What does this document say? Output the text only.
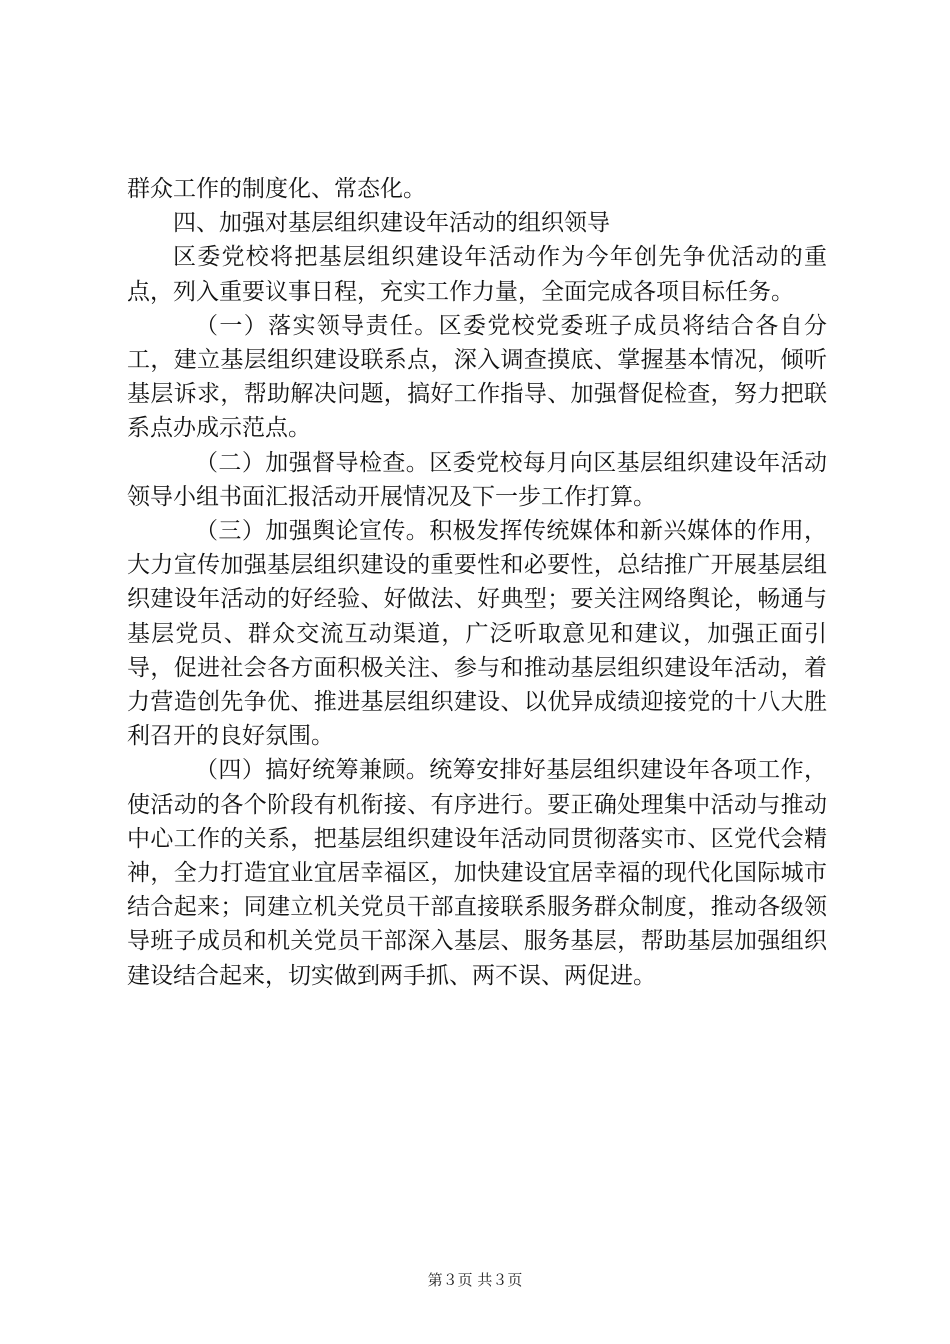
群众工作的制度化、常态化。

四、加强对基层组织建设年活动的组织领导

区委党校将把基层组织建设年活动作为今年创先争优活动的重点，列入重要议事日程，充实工作力量，全面完成各项目标任务。

（一）落实领导责任。区委党校党委班子成员将结合各自分工，建立基层组织建设联系点，深入调查摸底、掌握基本情况，倾听基层诉求，帮助解决问题，搞好工作指导、加强督促检查，努力把联系点办成示范点。

（二）加强督导检查。区委党校每月向区基层组织建设年活动领导小组书面汇报活动开展情况及下一步工作打算。

（三）加强舆论宣传。积极发挥传统媒体和新兴媒体的作用，大力宣传加强基层组织建设的重要性和必要性，总结推广开展基层组织建设年活动的好经验、好做法、好典型；要关注网络舆论，畅通与基层党员、群众交流互动渠道，广泛听取意见和建议，加强正面引导，促进社会各方面积极关注、参与和推动基层组织建设年活动，着力营造创先争优、推进基层组织建设、以优异成绩迎接党的十八大胜利召开的良好氛围。

（四）搞好统筹兼顾。统筹安排好基层组织建设年各项工作，使活动的各个阶段有机衔接、有序进行。要正确处理集中活动与推动中心工作的关系，把基层组织建设年活动同贯彻落实市、区党代会精神，全力打造宜业宜居幸福区，加快建设宜居幸福的现代化国际城市结合起来；同建立机关党员干部直接联系服务群众制度，推动各级领导班子成员和机关党员干部深入基层、服务基层，帮助基层加强组织建设结合起来，切实做到两手抓、两不误、两促进。

第３页 共３页
